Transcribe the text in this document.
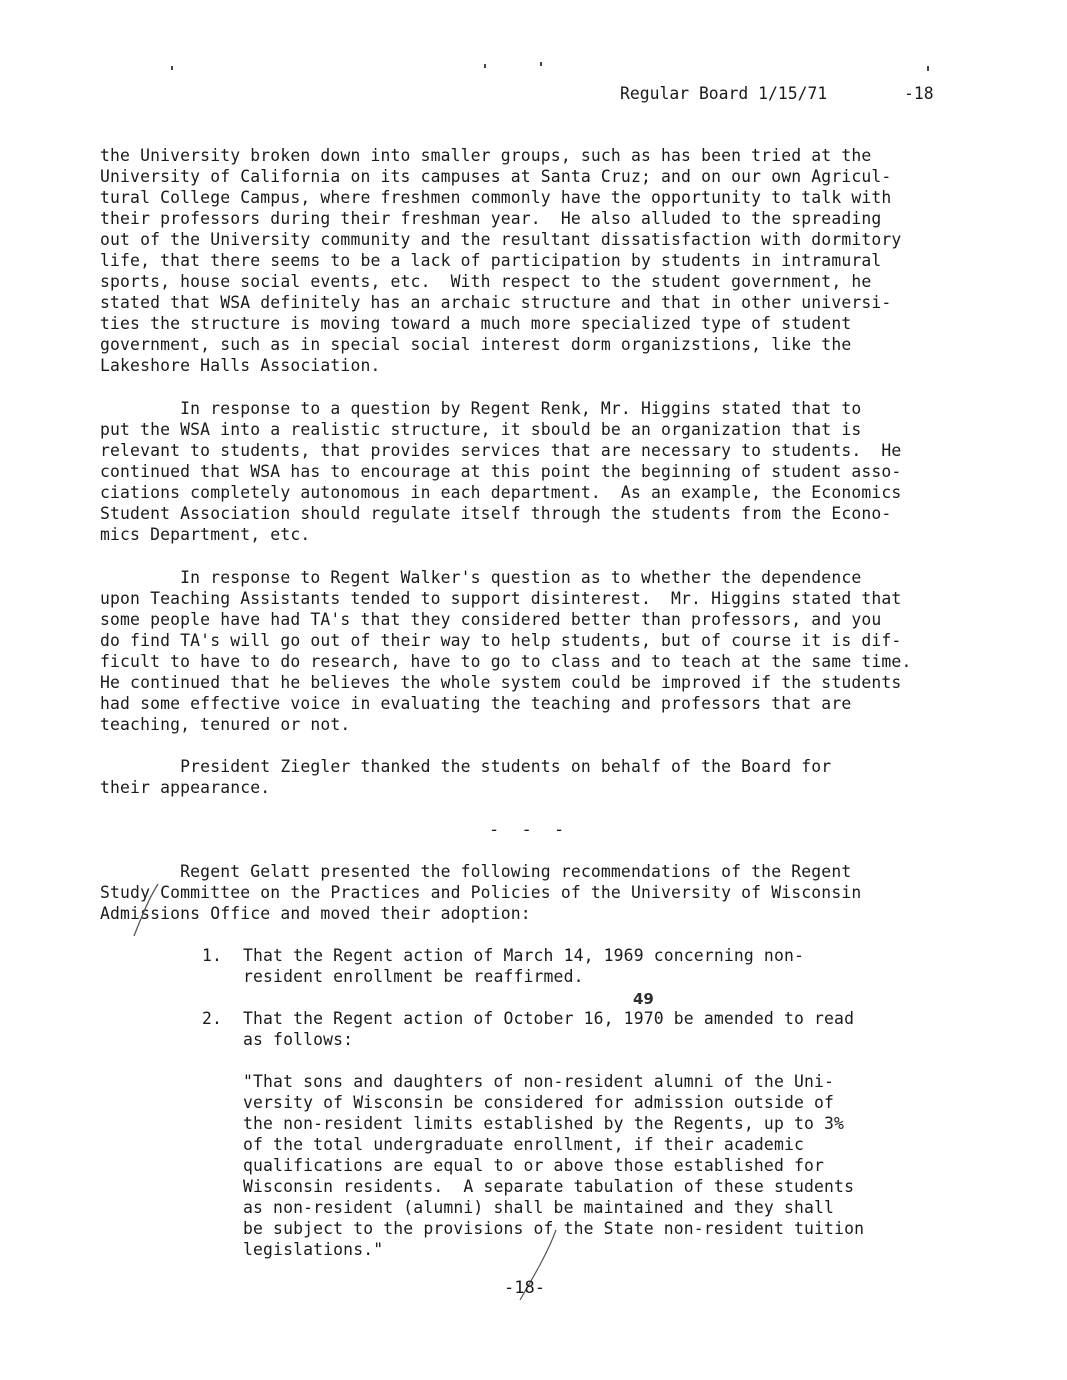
Regular Board 1/15/71	-18
the University broken down into smaller groups, such as has been tried at the
University of California on its campuses at Santa Cruz; and on our own Agricul-
tural College Campus, where freshmen commonly have the opportunity to talk with
their professors during their freshman year.  He also alluded to the spreading
out of the University community and the resultant dissatisfaction with dormitory
life, that there seems to be a lack of participation by students in intramural
sports, house social events, etc.  With respect to the student government, he
stated that WSA definitely has an archaic structure and that in other universi-
ties the structure is moving toward a much more specialized type of student
government, such as in special social interest dorm organizstions, like the
Lakeshore Halls Association.
In response to a question by Regent Renk, Mr. Higgins stated that to
put the WSA into a realistic structure, it sbould be an organization that is
relevant to students, that provides services that are necessary to students.  He
continued that WSA has to encourage at this point the beginning of student asso-
ciations completely autonomous in each department.  As an example, the Economics
Student Association should regulate itself through the students from the Econo-
mics Department, etc.
In response to Regent Walker's question as to whether the dependence
upon Teaching Assistants tended to support disinterest.  Mr. Higgins stated that
some people have had TA's that they considered better than professors, and you
do find TA's will go out of their way to help students, but of course it is dif-
ficult to have to do research, have to go to class and to teach at the same time.
He continued that he believes the whole system could be improved if the students
had some effective voice in evaluating the teaching and professors that are
teaching, tenured or not.
President Ziegler thanked the students on behalf of the Board for
their appearance.
- - -
Regent Gelatt presented the following recommendations of the Regent
Study Committee on the Practices and Policies of the University of Wisconsin
Admissions Office and moved their adoption:
1. That the Regent action of March 14, 1969 concerning non-
resident enrollment be reaffirmed.
49
2. That the Regent action of October 16, 1970 be amended to read
as follows:
"That sons and daughters of non-resident alumni of the Uni-
versity of Wisconsin be considered for admission outside of
the non-resident limits established by the Regents, up to 3%
of the total undergraduate enrollment, if their academic
qualifications are equal to or above those established for
Wisconsin residents.  A separate tabulation of these students
as non-resident (alumni) shall be maintained and they shall
be subject to the provisions of the State non-resident tuition
legislations."
-18-
